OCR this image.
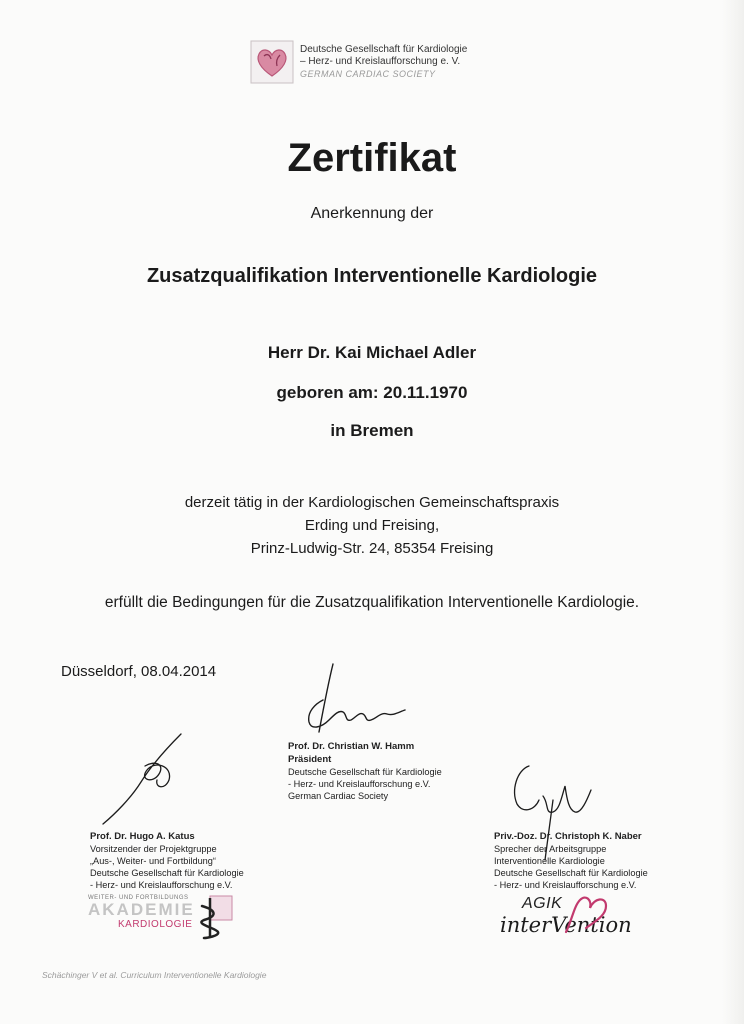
Deutsche Gesellschaft für Kardiologie
– Herz- und Kreislaufforschung e. V.
GERMAN CARDIAC SOCIETY
Zertifikat
Anerkennung der
Zusatzqualifikation Interventionelle Kardiologie
Herr Dr. Kai Michael Adler
geboren am: 20.11.1970
in Bremen
derzeit tätig in der Kardiologischen Gemeinschaftspraxis
Erding und Freising,
Prinz-Ludwig-Str. 24, 85354 Freising
erfüllt die Bedingungen für die Zusatzqualifikation Interventionelle Kardiologie.
Düsseldorf, 08.04.2014
Prof. Dr. Christian W. Hamm
Präsident
Deutsche Gesellschaft für Kardiologie
- Herz- und Kreislaufforschung e.V.
German Cardiac Society
Prof. Dr. Hugo A. Katus
Vorsitzender der Projektgruppe
„Aus-, Weiter- und Fortbildung“
Deutsche Gesellschaft für Kardiologie
- Herz- und Kreislaufforschung e.V.
Priv.-Doz. Dr. Christoph K. Naber
Sprecher der Arbeitsgruppe
Interventionelle Kardiologie
Deutsche Gesellschaft für Kardiologie
- Herz- und Kreislaufforschung e.V.
WEITER- UND FORTBILDUNGS
AKADEMIE
KARDIOLOGIE
AGIK
interVention
Schächinger V et al. Curriculum Interventionelle Kardiologie
